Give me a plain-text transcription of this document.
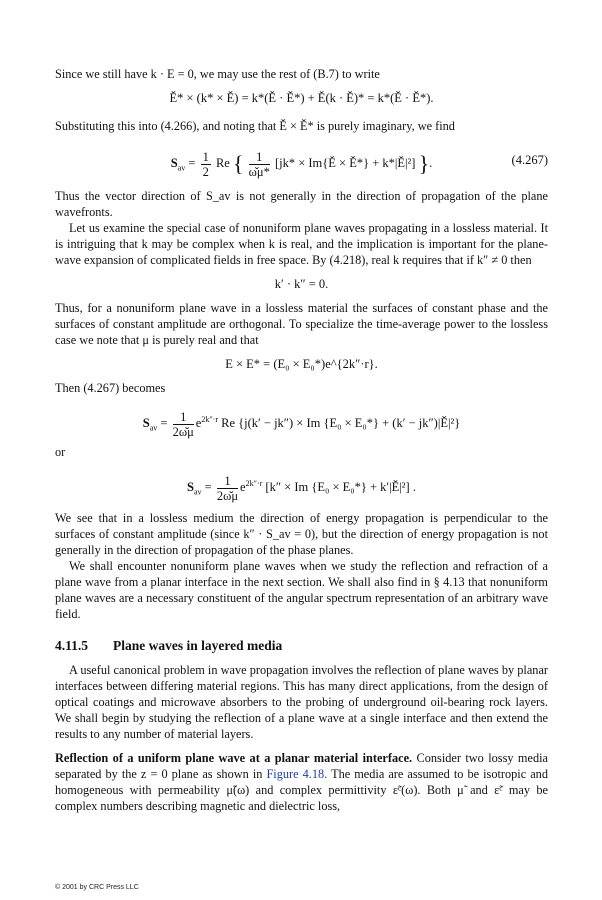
Since we still have k · E = 0, we may use the rest of (B.7) to write

Ě* × (k* × Ě) = k*(Ě · Ě*) + Ě(k · Ě)* = k*(Ě · Ě*).

Substituting this into (4.266), and noting that Ě × Ě* is purely imaginary, we find

$S_{av} = \frac{1}{2}$ Re { $\frac{1}{\omegǎ\mu*} [jk*$ × Im{Ě × Ě*} + k*|Ě|²] }.	(4.267)

Thus the vector direction of S_av is not generally in the direction of propagation of the plane wavefronts.

Let us examine the special case of nonuniform plane waves propagating in a lossless material. It is intriguing that k may be complex when k is real, and the implication is important for the plane-wave expansion of complicated fields in free space. By (4.218), real k requires that if k″ ≠ 0 then

k′ · k″ = 0.

Thus, for a nonuniform plane wave in a lossless material the surfaces of constant phase and the surfaces of constant amplitude are orthogonal. To specialize the time-average power to the lossless case we note that μ is purely real and that

E × E* = (E₀ × E₀*)e^{2k″·r}.

Then (4.267) becomes

$S_{av} = \frac{1}{2\omegǎ\mu} e^{2k''\cdot r}$ Re {j(k′ − jk″) × Im {E₀ × E₀*} + (k′ − jk″)|Ě|²}

or

$S_{av} = \frac{1}{2\omegǎ\mu} e^{2k''\cdot r}$ [k″ × Im {E₀ × E₀*} + k′|Ě|²] .

We see that in a lossless medium the direction of energy propagation is perpendicular to the surfaces of constant amplitude (since k″ · S_av = 0), but the direction of energy propagation is not generally in the direction of propagation of the phase planes.

We shall encounter nonuniform plane waves when we study the reflection and refraction of a plane wave from a planar interface in the next section. We shall also find in § 4.13 that nonuniform plane waves are a necessary constituent of the angular spectrum representation of an arbitrary wave field.

4.11.5 Plane waves in layered media

A useful canonical problem in wave propagation involves the reflection of plane waves by planar interfaces between differing material regions. This has many direct applications, from the design of optical coatings and microwave absorbers to the probing of underground oil-bearing rock layers. We shall begin by studying the reflection of a plane wave at a single interface and then extend the results to any number of material layers.

Reflection of a uniform plane wave at a planar material interface. Consider two lossy media separated by the z = 0 plane as shown in Figure 4.18. The media are assumed to be isotropic and homogeneous with permeability μ̃(ω) and complex permittivity ε̃ᶜ(ω). Both μ̃ and ε̃ᶜ may be complex numbers describing magnetic and dielectric loss,

© 2001 by CRC Press LLC
